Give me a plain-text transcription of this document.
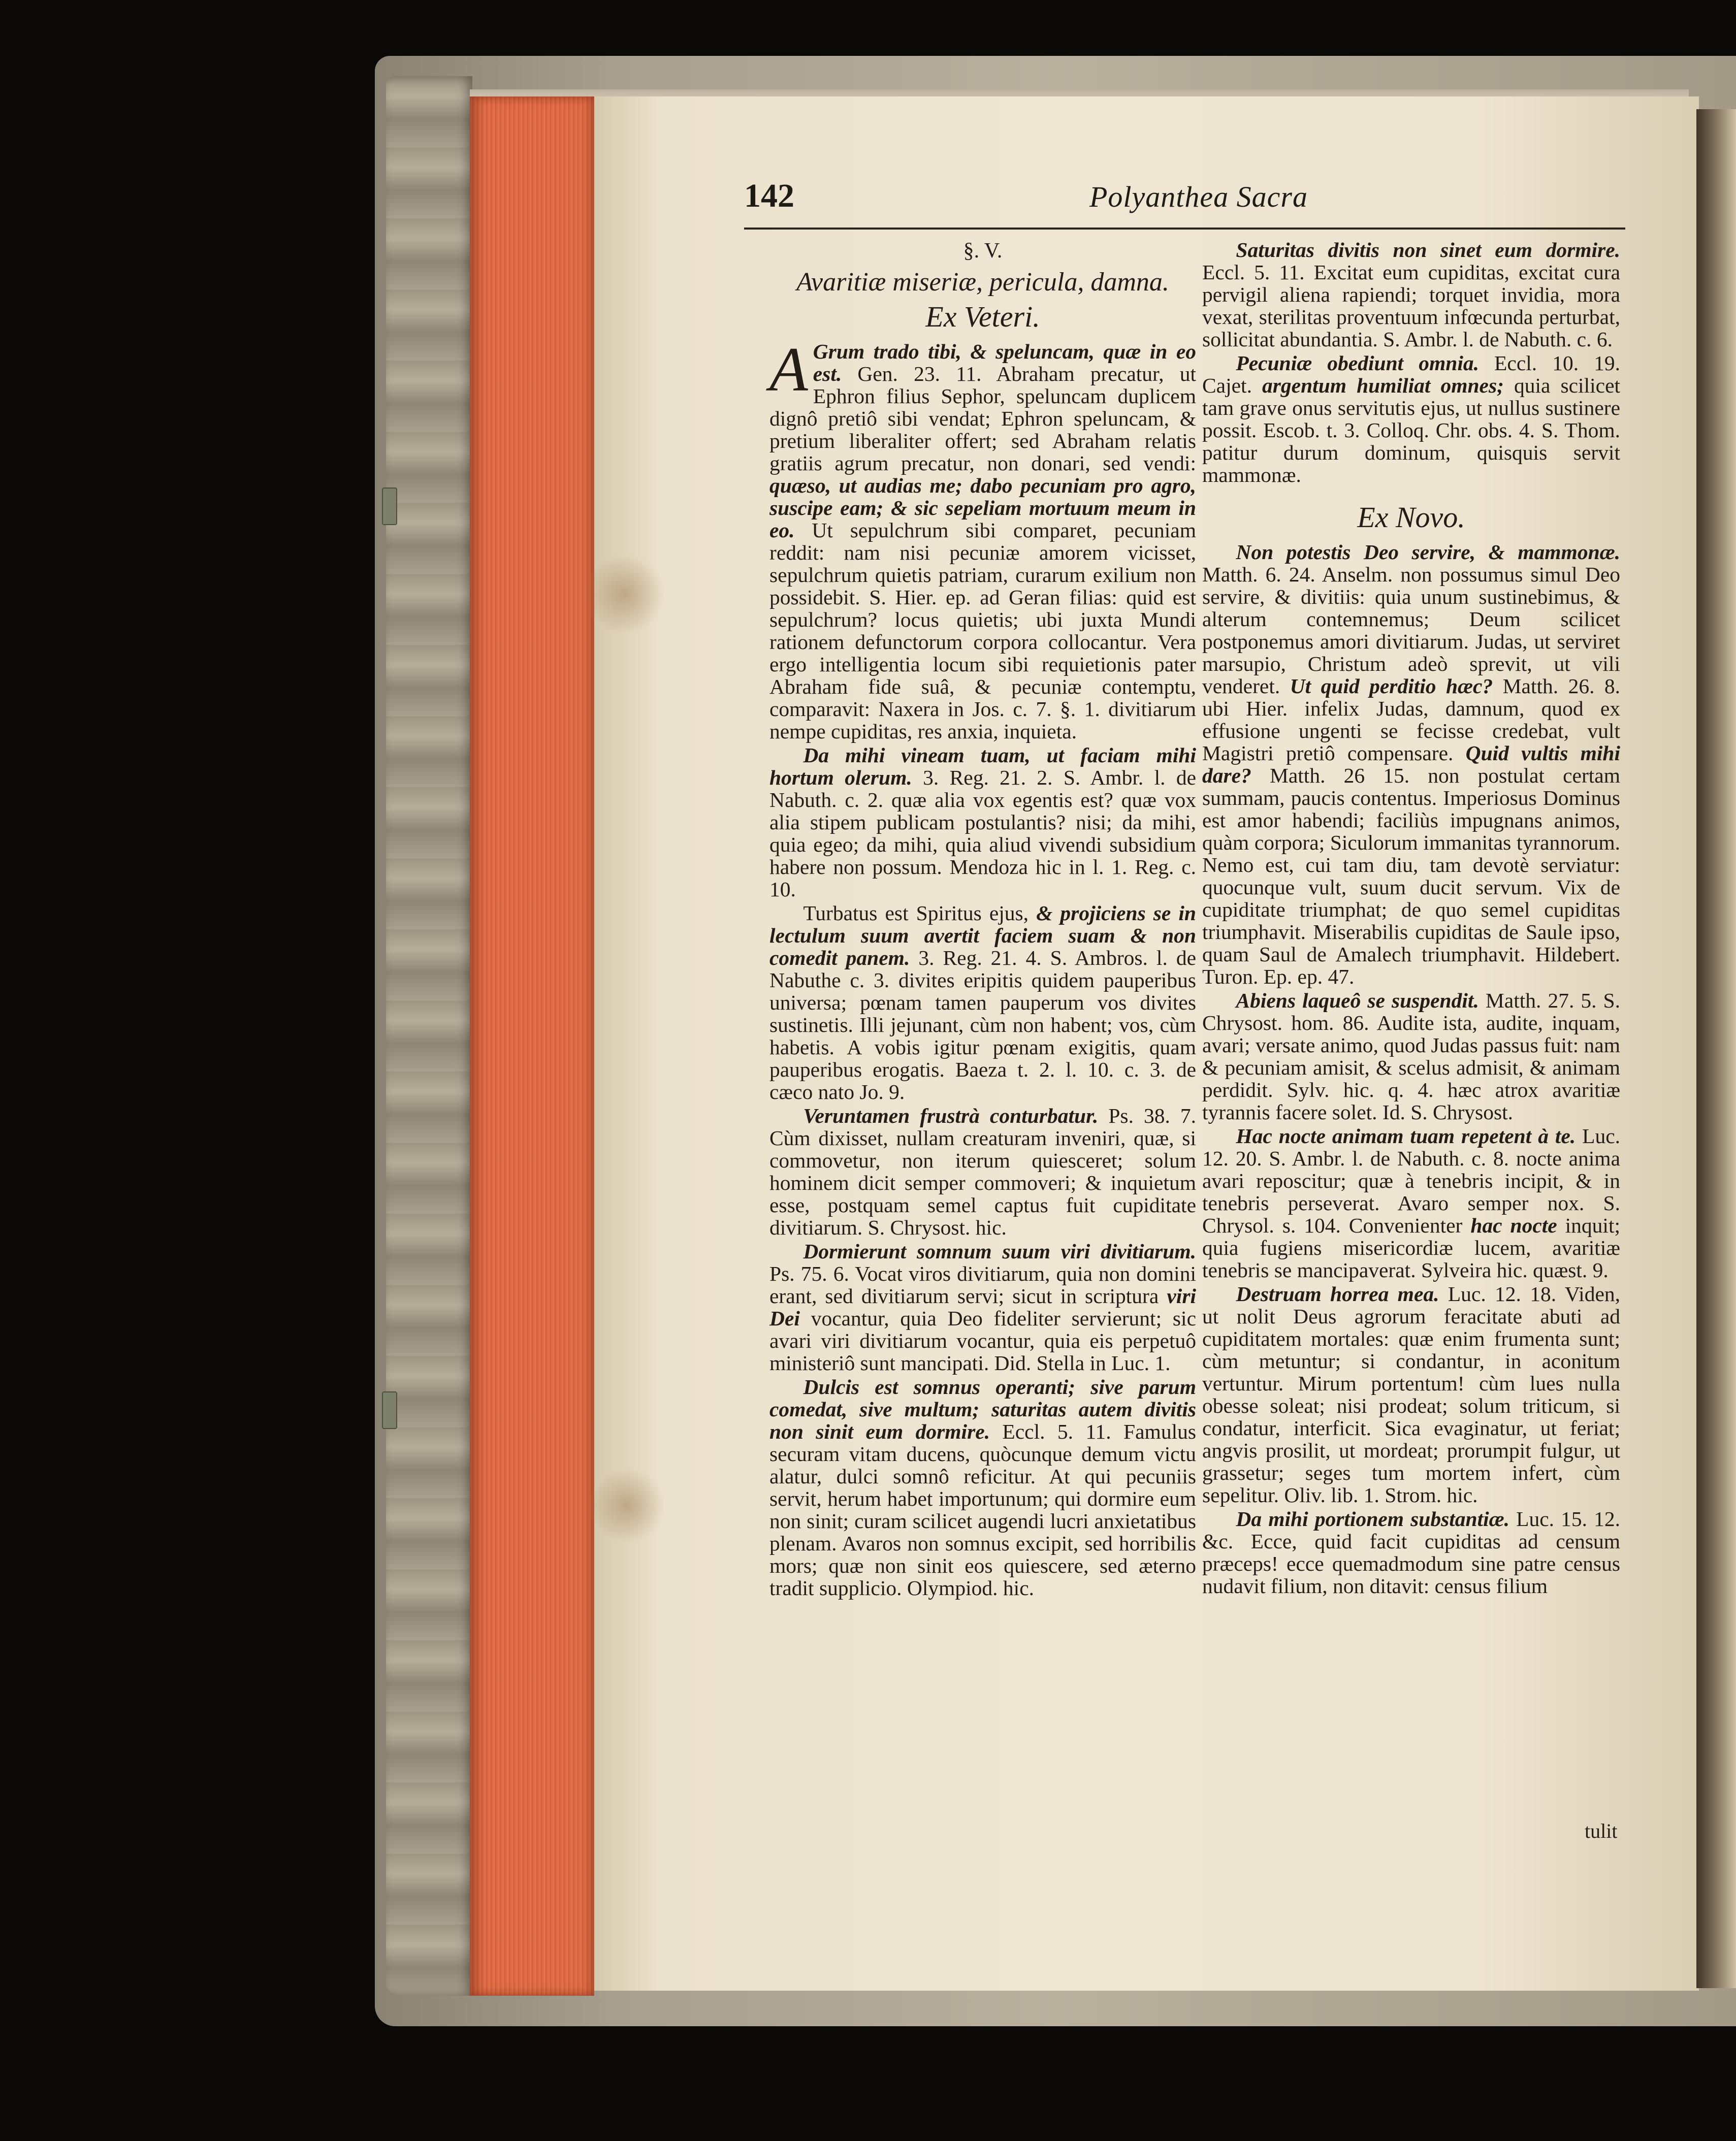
142	Polyanthea Sacra
§. V.
Avaritiæ miseriæ, pericula, damna.
Ex Veteri.

A Grum trado tibi, & speluncam, quæ in eo est. Gen. 23. 11. Abraham precatur, ut Ephron filius Sephor, speluncam duplicem dignô pretiô sibi vendat; Ephron speluncam, & pretium liberaliter offert; sed Abraham relatis gratiis agrum precatur, non donari, sed vendi: quæso, ut audias me; dabo pecuniam pro agro, suscipe eam; & sic sepeliam mortuum meum in eo. Ut sepulchrum sibi comparet, pecuniam reddit: nam nisi pecuniæ amorem vicisset, sepulchrum quietis patriam, curarum exilium non possidebit. S. Hier. ep. ad Geran filias: quid est sepulchrum? locus quietis; ubi juxta Mundi rationem defunctorum corpora collocantur. Vera ergo intelligentia locum sibi requietionis pater Abraham fide suâ, & pecuniæ contemptu, comparavit: Naxera in Jos. c. 7. §. 1. divitiarum nempe cupiditas, res anxia, inquieta.

Da mihi vineam tuam, ut faciam mihi hortum olerum. 3. Reg. 21. 2. S. Ambr. l. de Nabuth. c. 2. quæ alia vox egentis est? quæ vox alia stipem publicam postulantis? nisi; da mihi, quia egeo; da mihi, quia aliud vivendi subsidium habere non possum. Mendoza hic in l. 1. Reg. c. 10.

Turbatus est Spiritus ejus, & projiciens se in lectulum suum avertit faciem suam & non comedit panem. 3. Reg. 21. 4. S. Ambros. l. de Nabuthe c. 3. divites eripitis quidem pauperibus universa; pœnam tamen pauperum vos divites sustinetis. Illi jejunant, cùm non habent; vos, cùm habetis. A vobis igitur pœnam exigitis, quam pauperibus erogatis. Baeza t. 2. l. 10. c. 3. de cæco nato Jo. 9.

Veruntamen frustrà conturbatur. Ps. 38. 7. Cùm dixisset, nullam creaturam inveniri, quæ, si commovetur, non iterum quiesceret; solum hominem dicit semper commoveri; & inquietum esse, postquam semel captus fuit cupiditate divitiarum. S. Chrysost. hic.

Dormierunt somnum suum viri divitiarum. Ps. 75. 6. Vocat viros divitiarum, quia non domini erant, sed divitiarum servi; sicut in scriptura viri Dei vocantur, quia Deo fideliter servierunt; sic avari viri divitiarum vocantur, quia eis perpetuô ministeriô sunt mancipati. Did. Stella in Luc. 1.

Dulcis est somnus operanti; sive parum comedat, sive multum; saturitas autem divitis non sinit eum dormire. Eccl. 5. 11. Famulus securam vitam ducens, quòcunque demum victu alatur, dulci somnô reficitur. At qui pecuniis servit, herum habet importunum; qui dormire eum non sinit; curam scilicet augendi lucri anxietatibus plenam. Avaros non somnus excipit, sed horribilis mors; quæ non sinit eos quiescere, sed æterno tradit supplicio. Olympiod. hic.

Saturitas divitis non sinet eum dormire. Eccl. 5. 11. Excitat eum cupiditas, excitat cura pervigil aliena rapiendi; torquet invidia, mora vexat, sterilitas proventuum infœcunda perturbat, sollicitat abundantia. S. Ambr. l. de Nabuth. c. 6.

Pecuniæ obediunt omnia. Eccl. 10. 19. Cajet. argentum humiliat omnes; quia scilicet tam grave onus servitutis ejus, ut nullus sustinere possit. Escob. t. 3. Colloq. Chr. obs. 4. S. Thom. patitur durum dominum, quisquis servit mammonæ.

Ex Novo.

Non potestis Deo servire, & mammonæ. Matth. 6. 24. Anselm. non possumus simul Deo servire, & divitiis: quia unum sustinebimus, & alterum contemnemus; Deum scilicet postponemus amori divitiarum. Judas, ut serviret marsupio, Christum adeò sprevit, ut vili venderet. Ut quid perditio hæc? Matth. 26. 8. ubi Hier. infelix Judas, damnum, quod ex effusione ungenti se fecisse credebat, vult Magistri pretiô compensare. Quid vultis mihi dare? Matth. 26 15. non postulat certam summam, paucis contentus. Imperiosus Dominus est amor habendi; faciliùs impugnans animos, quàm corpora; Siculorum immanitas tyrannorum. Nemo est, cui tam diu, tam devotè serviatur: quocunque vult, suum ducit servum. Vix de cupiditate triumphat; de quo semel cupiditas triumphavit. Miserabilis cupiditas de Saule ipso, quam Saul de Amalech triumphavit. Hildebert. Turon. Ep. ep. 47.

Abiens laqueô se suspendit. Matth. 27. 5. S. Chrysost. hom. 86. Audite ista, audite, inquam, avari; versate animo, quod Judas passus fuit: nam & pecuniam amisit, & scelus admisit, & animam perdidit. Sylv. hic. q. 4. hæc atrox avaritiæ tyrannis facere solet. Id. S. Chrysost.

Hac nocte animam tuam repetent à te. Luc. 12. 20. S. Ambr. l. de Nabuth. c. 8. nocte anima avari reposcitur; quæ à tenebris incipit, & in tenebris perseverat. Avaro semper nox. S. Chrysol. s. 104. Convenienter hac nocte inquit; quia fugiens misericordiæ lucem, avaritiæ tenebris se mancipaverat. Sylveira hic. quæst. 9.

Destruam horrea mea. Luc. 12. 18. Viden, ut nolit Deus agrorum feracitate abuti ad cupiditatem mortales: quæ enim frumenta sunt; cùm metuntur; si condantur, in aconitum vertuntur. Mirum portentum! cùm lues nulla obesse soleat; nisi prodeat; solum triticum, si condatur, interficit. Sica evaginatur, ut feriat; angvis prosilit, ut mordeat; prorumpit fulgur, ut grassetur; seges tum mortem infert, cùm sepelitur. Oliv. lib. 1. Strom. hic.

Da mihi portionem substantiæ. Luc. 15. 12. &c. Ecce, quid facit cupiditas ad censum præceps! ecce quemadmodum sine patre census nudavit filium, non ditavit: census filium

tulit
